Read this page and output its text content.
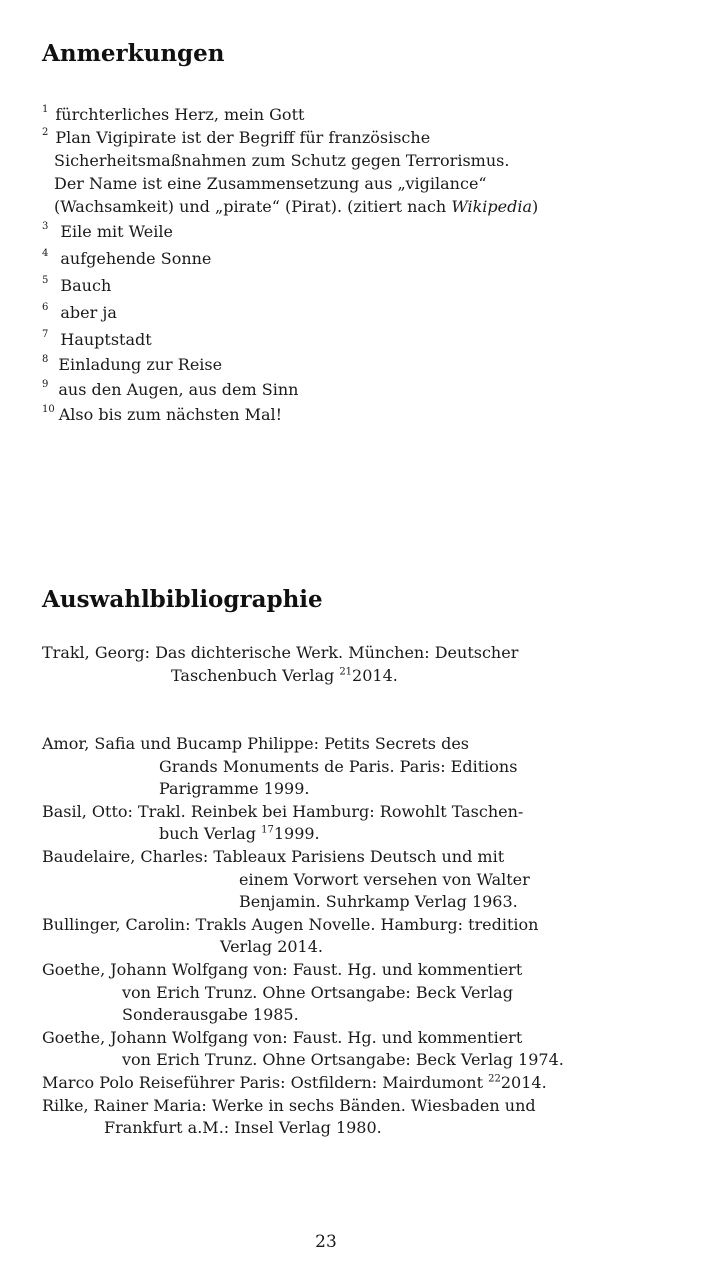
Anmerkungen
$^1$ fürchterliches Herz, mein Gott
$^2$ Plan Vigipirate ist der Begriff für französische
Sicherheitsmaßnahmen zum Schutz gegen Terrorismus.
Der Name ist eine Zusammensetzung aus „vigilance“
(Wachsamkeit) und „pirate“ (Pirat). (zitiert nach Wikipedia)
$^3$ Eile mit Weile
$^4$ aufgehende Sonne
$^5$ Bauch
$^6$ aber ja
$^7$ Hauptstadt
$^8$ Einladung zur Reise
$^9$ aus den Augen, aus dem Sinn
$^{10}$ Also bis zum nächsten Mal!
Auswahlbibliographie
Trakl, Georg: Das dichterische Werk. München: Deutscher
Taschenbuch Verlag $^{21}$2014.
Amor, Safia und Bucamp Philippe: Petits Secrets des
Grands Monuments de Paris. Paris: Editions
Parigramme 1999.
Basil, Otto: Trakl. Reinbek bei Hamburg: Rowohlt Taschen-
buch Verlag $^{17}$1999.
Baudelaire, Charles: Tableaux Parisiens Deutsch und mit
einem Vorwort versehen von Walter
Benjamin. Suhrkamp Verlag 1963.
Bullinger, Carolin: Trakls Augen Novelle. Hamburg: tredition
Verlag 2014.
Goethe, Johann Wolfgang von: Faust. Hg. und kommentiert
von Erich Trunz. Ohne Ortsangabe: Beck Verlag
Sonderausgabe 1985.
Goethe, Johann Wolfgang von: Faust. Hg. und kommentiert
von Erich Trunz. Ohne Ortsangabe: Beck Verlag 1974.
Marco Polo Reiseführer Paris: Ostfildern: Mairdumont $^{22}$2014.
Rilke, Rainer Maria: Werke in sechs Bänden. Wiesbaden und
Frankfurt a.M.: Insel Verlag 1980.
23
